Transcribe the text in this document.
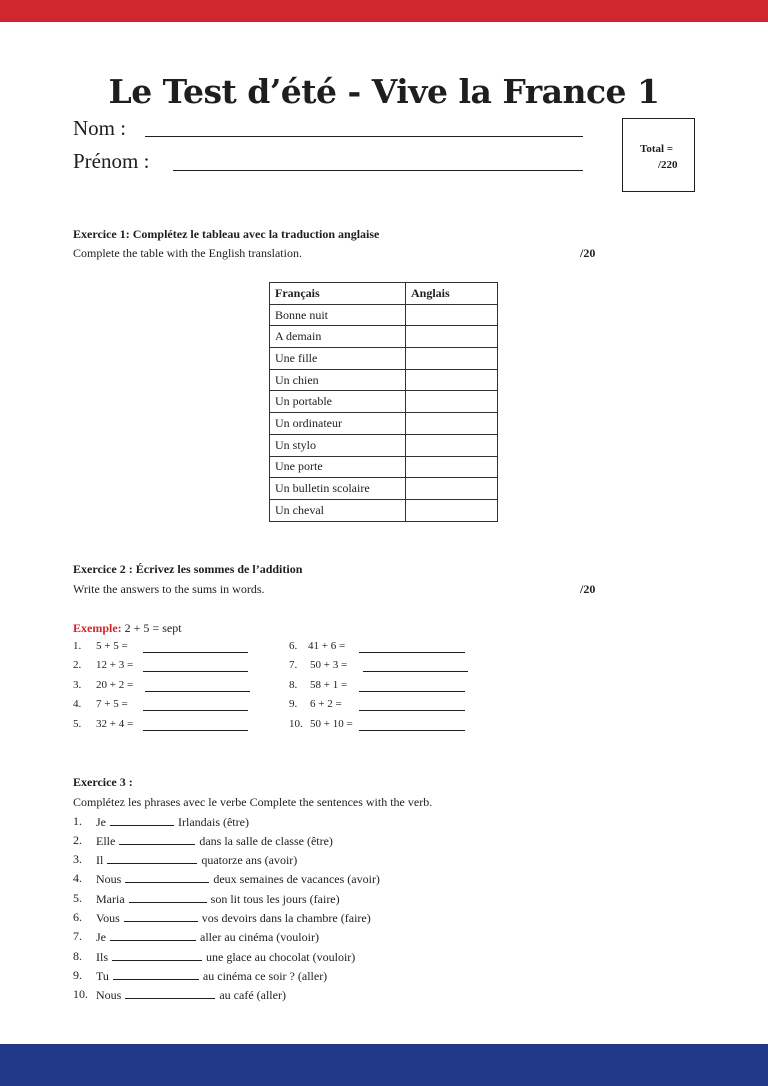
Le Test d’été - Vive la France 1
Nom :
Prénom :	Total =
/220
Exercice 1: Complétez le tableau avec la traduction anglaise
Complete the table with the English translation.	/20
Français	Anglais
Bonne nuit	
A demain	
Une fille	
Un chien	
Un portable	
Un ordinateur	
Un stylo	
Une porte	
Un bulletin scolaire	
Un cheval	
Exercice 2 : Écrivez les sommes de l’addition
Write the answers to the sums in words.	/20
Exemple: 2 + 5 = sept
1. 5 + 5 =
2. 12 + 3 =
3. 20 + 2 =
4. 7 + 5 =
5. 32 + 4 =
6. 41 + 6 =
7. 50 + 3 =
8. 58 + 1 =
9. 6 + 2 =
10. 50 + 10 =
Exercice 3 :
Complétez les phrases avec le verbe Complete the sentences with the verb.
1. Je	Irlandais (être)
2. Elle	dans la salle de classe (être)
3. Il	quatorze ans (avoir)
4. Nous	deux semaines de vacances (avoir)
5. Maria	son lit tous les jours (faire)
6. Vous	vos devoirs dans la chambre (faire)
7. Je	aller au cinéma (vouloir)
8. Ils	une glace au chocolat (vouloir)
9. Tu	au cinéma ce soir ? (aller)
10. Nous	au café (aller)
